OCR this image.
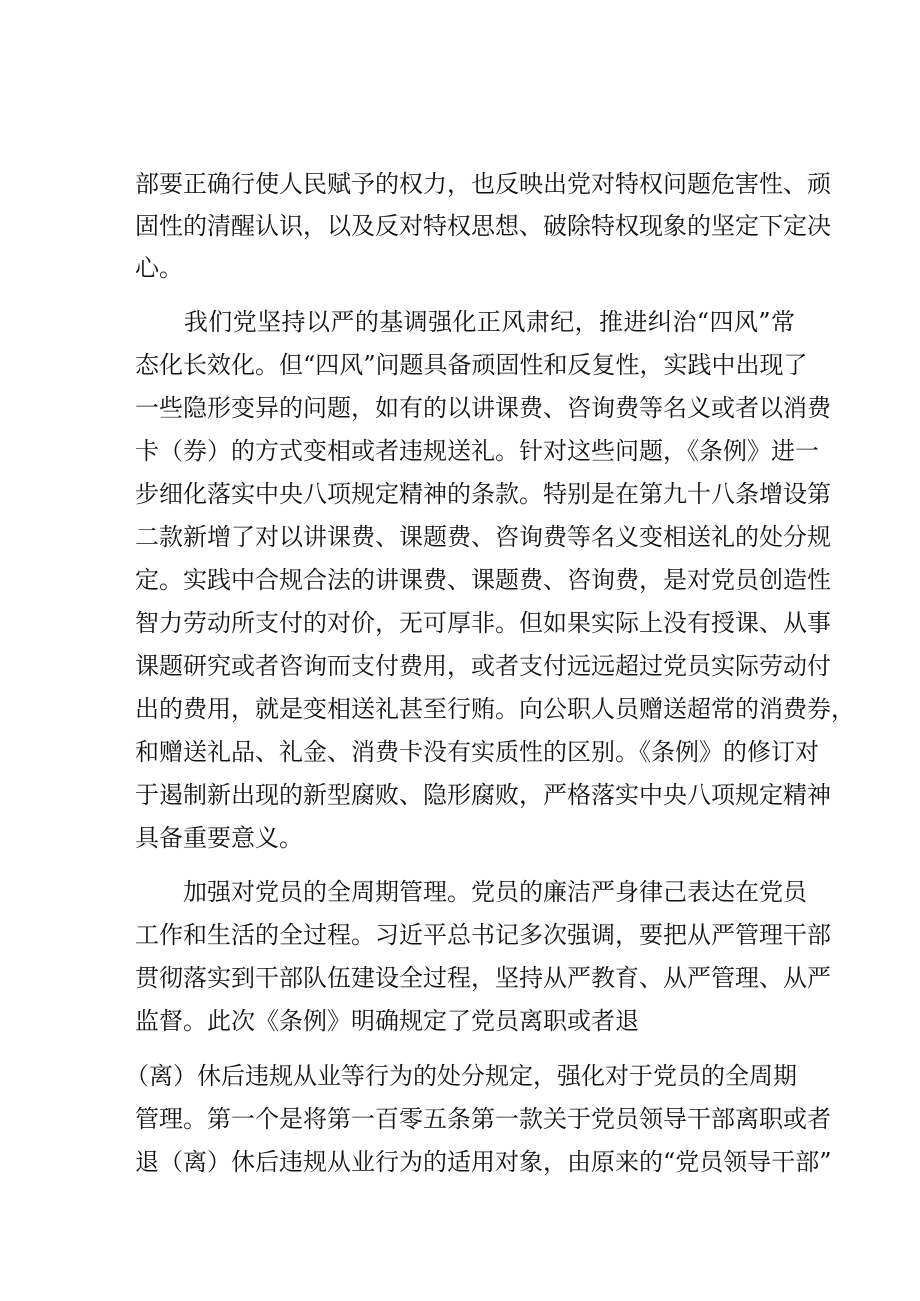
部要正确行使人民赋予的权力，也反映出党对特权问题危害性、顽

固性的清醒认识，以及反对特权思想、破除特权现象的坚定下定决

心。

　　我们党坚持以严的基调强化正风肃纪，推进纠治“四风”常

态化长效化。但“四风”问题具备顽固性和反复性，实践中出现了

一些隐形变异的问题，如有的以讲课费、咨询费等名义或者以消费

卡（券）的方式变相或者违规送礼。针对这些问题，《条例》进一

步细化落实中央八项规定精神的条款。特别是在第九十八条增设第

二款新增了对以讲课费、课题费、咨询费等名义变相送礼的处分规

定。实践中合规合法的讲课费、课题费、咨询费，是对党员创造性

智力劳动所支付的对价，无可厚非。但如果实际上没有授课、从事

课题研究或者咨询而支付费用，或者支付远远超过党员实际劳动付

出的费用，就是变相送礼甚至行贿。向公职人员赠送超常的消费券，

和赠送礼品、礼金、消费卡没有实质性的区别。《条例》的修订对

于遏制新出现的新型腐败、隐形腐败，严格落实中央八项规定精神

具备重要意义。

　　加强对党员的全周期管理。党员的廉洁严身律己表达在党员

工作和生活的全过程。习近平总书记多次强调，要把从严管理干部

贯彻落实到干部队伍建设全过程，坚持从严教育、从严管理、从严

监督。此次《条例》明确规定了党员离职或者退

（离）休后违规从业等行为的处分规定，强化对于党员的全周期

管理。第一个是将第一百零五条第一款关于党员领导干部离职或者

退（离）休后违规从业行为的适用对象，由原来的“党员领导干部”
